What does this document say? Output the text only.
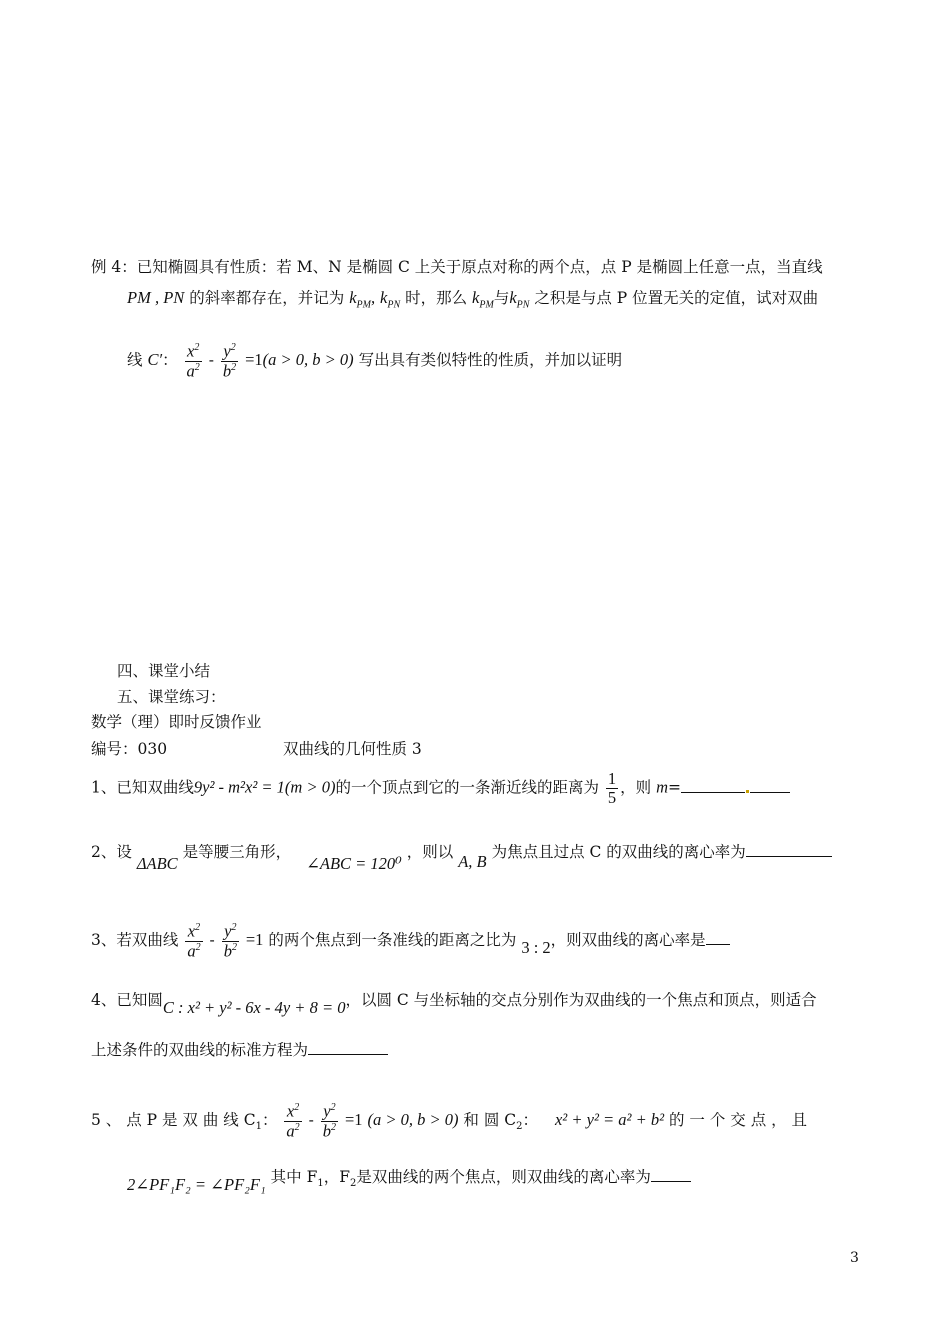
例 4：已知椭圆具有性质：若 M、N 是椭圆 C 上关于原点对称的两个点，点 P 是椭圆上任意一点，当直线
PM , PN 的斜率都存在，并记为 $k_{PM}$, $k_{PN}$ 时，那么 $k_{PM}$与$k_{PN}$ 之积是与点 P 位置无关的定值，试对双曲
线 C′： $\frac{x^2}{a^2} - \frac{y^2}{b^2} =1(a > 0$, b > 0) 写出具有类似特性的性质，并加以证明
四、课堂小结
五、课堂练习：
数学（理）即时反馈作业
编号：030	双曲线的几何性质 3
1、已知双曲线9y² - m²x² = 1(m > 0)的一个顶点到它的一条渐近线的距离为 $\frac{1}{5}$ ，则 m=
2、设 ΔABC 是等腰三角形， ∠ABC = 120⁰ ，则以 A, B 为焦点且过点 C 的双曲线的离心率为
3、若双曲线 $\frac{x^2}{a^2} - \frac{y^2}{b^2} =1$ 的两个焦点到一条准线的距离之比为 3 : 2，则双曲线的离心率是
4、已知圆C : x² + y² - 6x - 4y + 8 = 0，以圆 C 与坐标轴的交点分别作为双曲线的一个焦点和顶点，则适合
上述条件的双曲线的标准方程为
5 、 点 P 是 双 曲 线 $C_1$： $\frac{x^2}{a^2} - \frac{y^2}{b^2} =1$ (a > 0, b > 0) 和 圆 $C_2$： x² + y² = a² + b² 的 一 个 交 点 ， 且
2∠PF₁F₂ = ∠PF₂F₁ 其中 $F_1$，$F_2$是双曲线的两个焦点，则双曲线的离心率为
3
